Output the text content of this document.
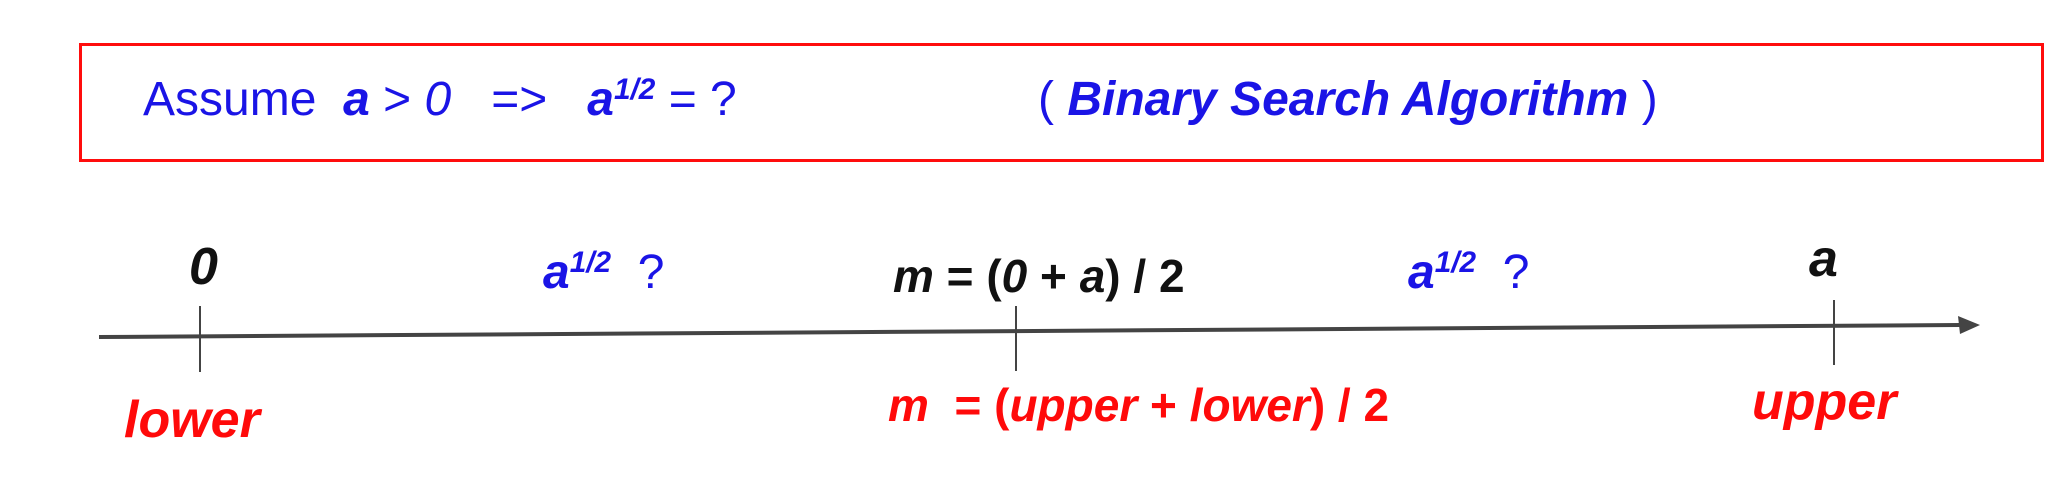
Assume $a > 0 => a^{1/2}$ = ?	( Binary Search Algorithm )
0	$a^{1/2}$ ?	m = (0 + a) / 2	$a^{1/2}$ ?	a
lower	m  = (upper + lower) / 2	upper
